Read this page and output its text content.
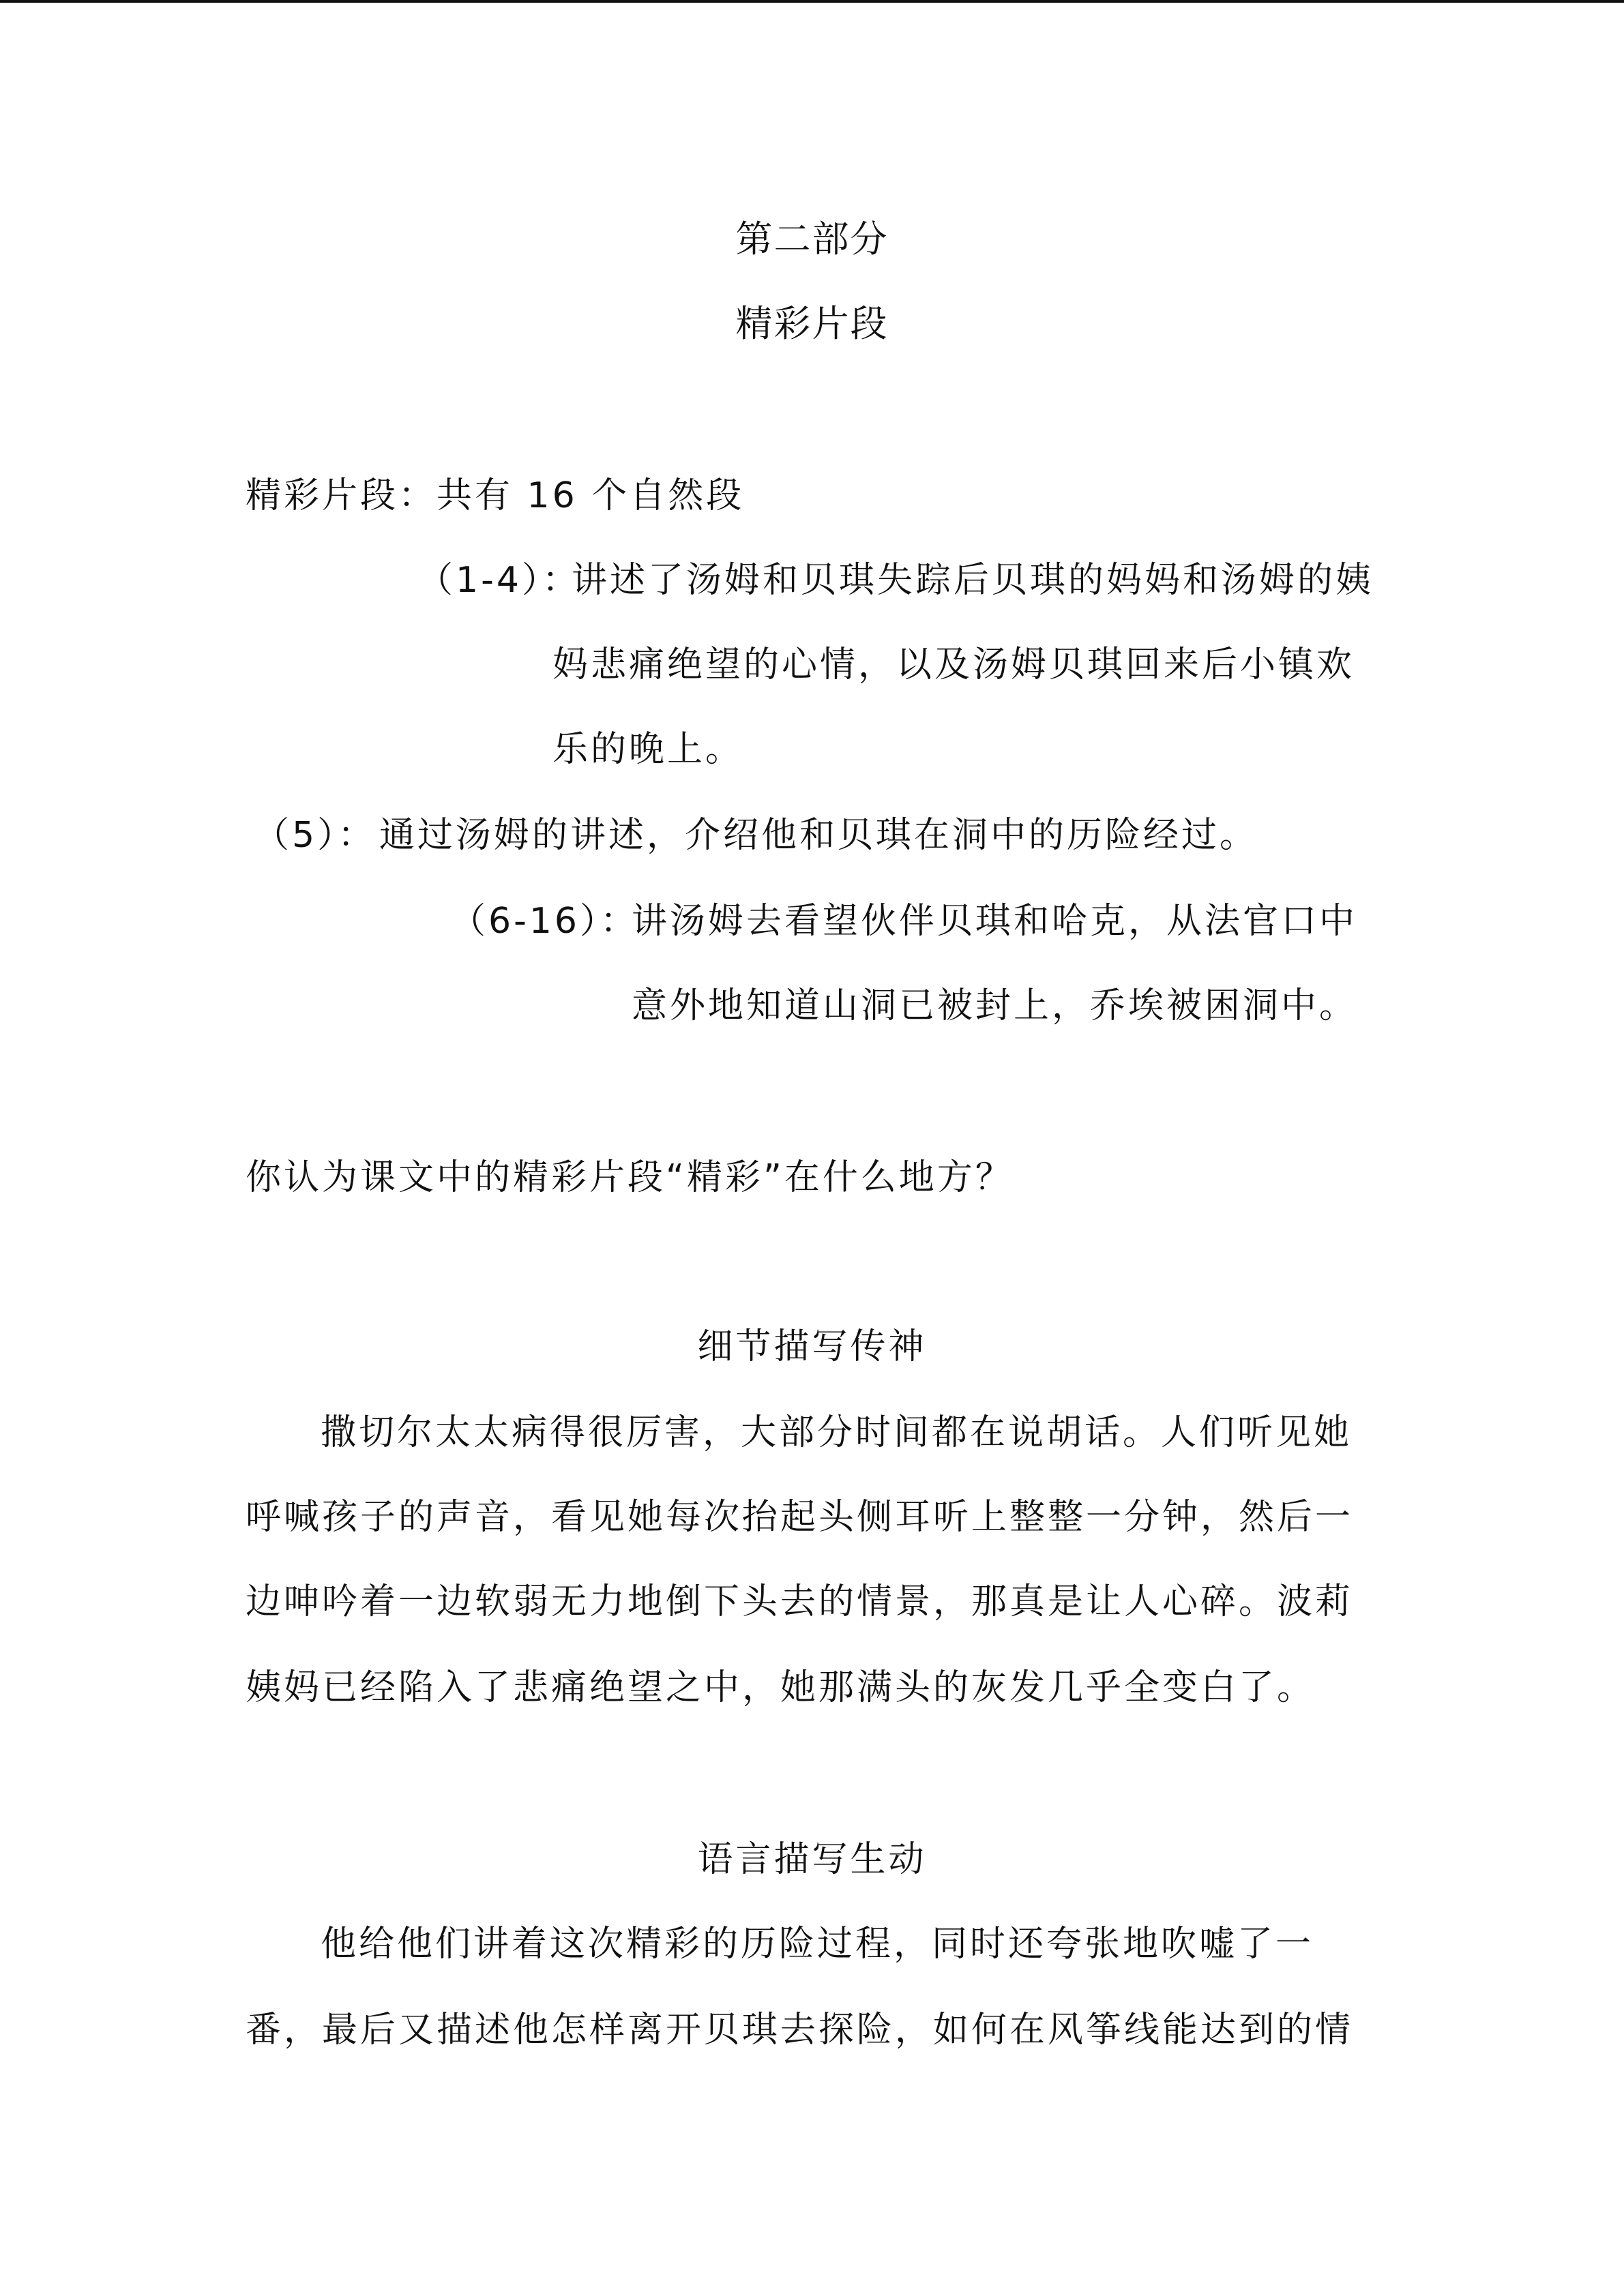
第二部分
精彩片段
精彩片段：共有 16 个自然段
（1-4）：
讲述了汤姆和贝琪失踪后贝琪的妈妈和汤姆的姨
妈悲痛绝望的心情，以及汤姆贝琪回来后小镇欢
乐的晚上。
（5）： 通过汤姆的讲述，介绍他和贝琪在洞中的历险经过。
（6-16）：
讲汤姆去看望伙伴贝琪和哈克，从法官口中
意外地知道山洞已被封上，乔埃被困洞中。
你认为课文中的精彩片段“精彩”在什么地方？
细节描写传神
撒切尔太太病得很厉害，大部分时间都在说胡话。人们听见她
呼喊孩子的声音，看见她每次抬起头侧耳听上整整一分钟，然后一
边呻吟着一边软弱无力地倒下头去的情景，那真是让人心碎。波莉
姨妈已经陷入了悲痛绝望之中，她那满头的灰发几乎全变白了。
语言描写生动
他给他们讲着这次精彩的历险过程，同时还夸张地吹嘘了一
番，最后又描述他怎样离开贝琪去探险，如何在风筝线能达到的情
